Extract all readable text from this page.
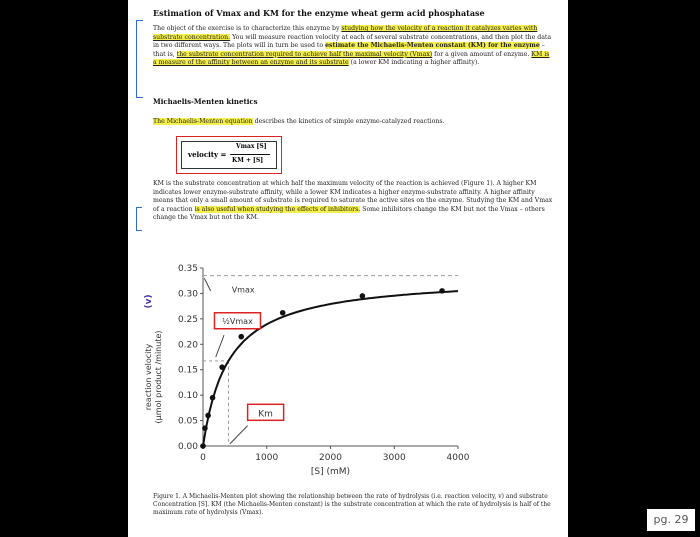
Estimation of Vmax and KM for the enzyme wheat germ acid phosphatase
The object of the exercise is to characterize this enzyme by studying how the velocity of a reaction it catalyzes varies with substrate concentration. You will measure reaction velocity at each of several substrate concentrations, and then plot the data in two different ways. The plots will in turn be used to estimate the Michaelis-Menten constant (KM) for the enzyme – that is, the substrate concentration required to achieve half the maximal velocity (Vmax) for a given amount of enzyme. KM is a measure of the affinity between an enzyme and its substrate (a lower KM indicating a higher affinity).
Michaelis-Menten kinetics
The Michaelis-Menten equation describes the kinetics of simple enzyme-catalyzed reactions.
velocity =
Vmax [S]
KM + [S]
KM is the substrate concentration at which half the maximum velocity of the reaction is achieved (Figure 1). A higher KM indicates lower enzyme-substrate affinity, while a lower KM indicates a higher enzyme-substrate affinity. A higher affinity means that only a small amount of substrate is required to saturate the active sites on the enzyme. Studying the KM and Vmax of a reaction is also useful when studying the effects of inhibitors. Some inhibitors change the KM but not the Vmax – others change the Vmax but not the KM.
0.00
0.05
0.10
0.15
0.20
0.25
0.30
0.35
0	1000	2000	3000	4000
[S] (mM)
reaction velocity (µmol product /minute)
(v)
Vmax
½Vmax
Km
Figure 1. A Michaelis-Menten plot showing the relationship between the rate of hydrolysis (i.e. reaction velocity, v) and substrate Concentration [S]. KM (the Michaelis-Menten constant) is the substrate concentration at which the rate of hydrolysis is half of the maximum rate of hydrolysis (Vmax).
pg. 29
